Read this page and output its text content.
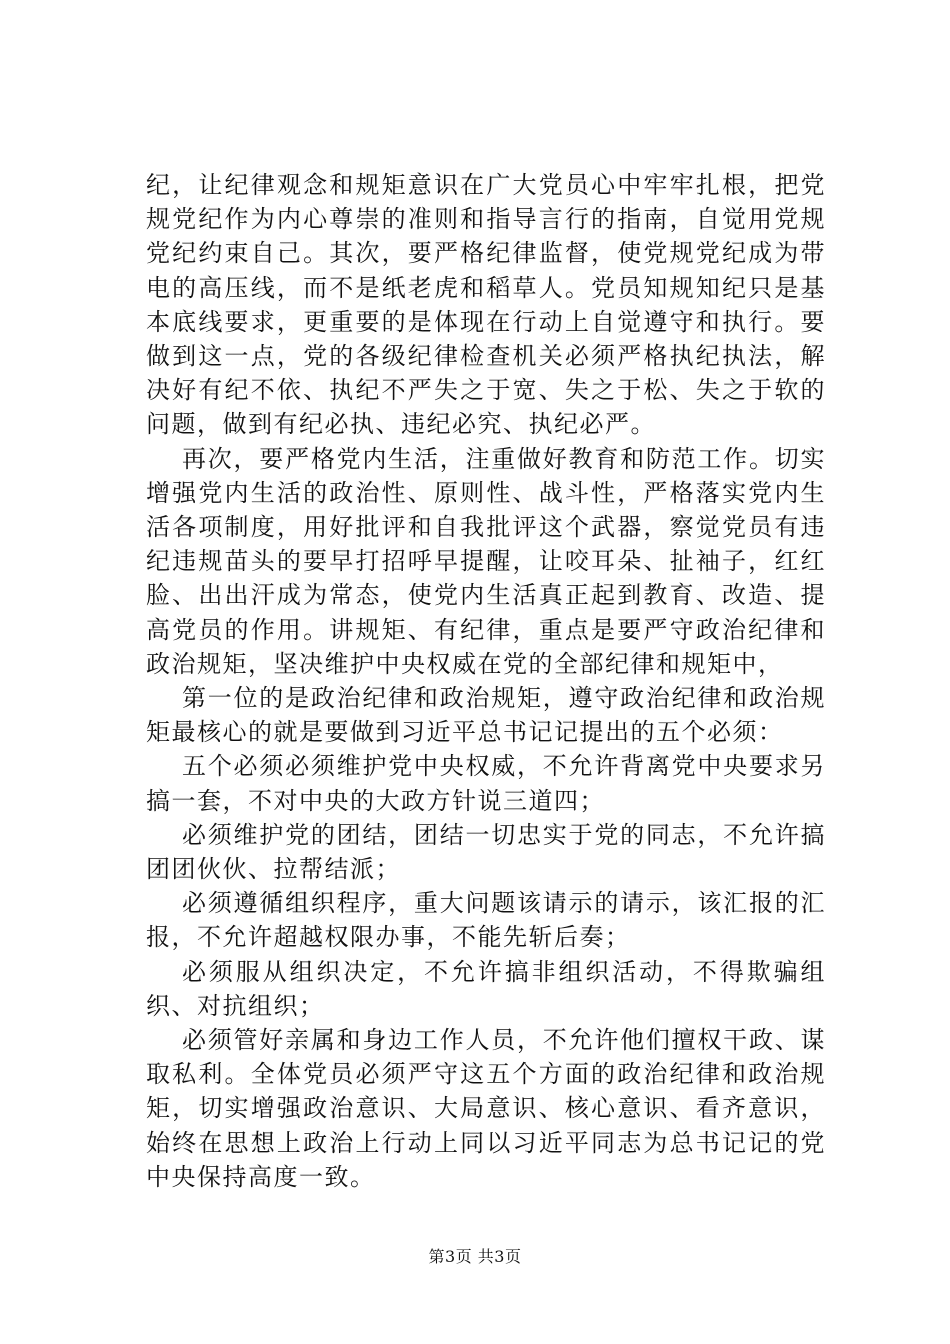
纪，让纪律观念和规矩意识在广大党员心中牢牢扎根，把党规党纪作为内心尊崇的准则和指导言行的指南，自觉用党规党纪约束自己。其次，要严格纪律监督，使党规党纪成为带电的高压线，而不是纸老虎和稻草人。党员知规知纪只是基本底线要求，更重要的是体现在行动上自觉遵守和执行。要做到这一点，党的各级纪律检查机关必须严格执纪执法，解决好有纪不依、执纪不严失之于宽、失之于松、失之于软的问题，做到有纪必执、违纪必究、执纪必严。

再次，要严格党内生活，注重做好教育和防范工作。切实增强党内生活的政治性、原则性、战斗性，严格落实党内生活各项制度，用好批评和自我批评这个武器，察觉党员有违纪违规苗头的要早打招呼早提醒，让咬耳朵、扯袖子，红红脸、出出汗成为常态，使党内生活真正起到教育、改造、提高党员的作用。讲规矩、有纪律，重点是要严守政治纪律和政治规矩，坚决维护中央权威在党的全部纪律和规矩中，

第一位的是政治纪律和政治规矩，遵守政治纪律和政治规矩最核心的就是要做到习近平总书记记提出的五个必须：

五个必须必须维护党中央权威，不允许背离党中央要求另搞一套，不对中央的大政方针说三道四；

必须维护党的团结，团结一切忠实于党的同志，不允许搞团团伙伙、拉帮结派；

必须遵循组织程序，重大问题该请示的请示，该汇报的汇报，不允许超越权限办事，不能先斩后奏；

必须服从组织决定，不允许搞非组织活动，不得欺骗组织、对抗组织；

必须管好亲属和身边工作人员，不允许他们擅权干政、谋取私利。全体党员必须严守这五个方面的政治纪律和政治规矩，切实增强政治意识、大局意识、核心意识、看齐意识，始终在思想上政治上行动上同以习近平同志为总书记记的党中央保持高度一致。

第3页 共3页
